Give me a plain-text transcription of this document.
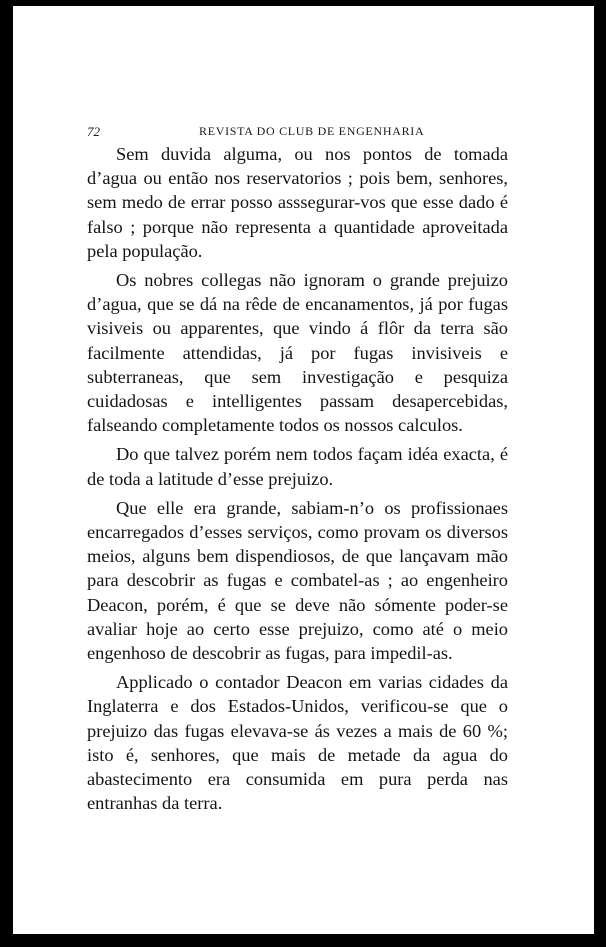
72	REVISTA DO CLUB DE ENGENHARIA

Sem duvida alguma, ou nos pontos de tomada d’agua ou então nos reservatorios ; pois bem, senhores, sem medo de errar posso asssegurar-vos que esse dado é falso ; porque não representa a quantidade aproveitada pela população.

Os nobres collegas não ignoram o grande prejuizo d’agua, que se dá na rêde de encanamentos, já por fugas visiveis ou apparentes, que vindo á flôr da terra são facilmente attendidas, já por fugas invisiveis e subterraneas, que sem investigação e pesquiza cuidadosas e intelligentes passam desapercebidas, falseando completamente todos os nossos calculos.

Do que talvez porém nem todos façam idéa exacta, é de toda a latitude d’esse prejuizo.

Que elle era grande, sabiam-n’o os profissionaes encarregados d’esses serviços, como provam os diversos meios, alguns bem dispendiosos, de que lançavam mão para descobrir as fugas e combatel-as ; ao engenheiro Deacon, porém, é que se deve não sómente poder-se avaliar hoje ao certo esse prejuizo, como até o meio engenhoso de descobrir as fugas, para impedil-as.

Applicado o contador Deacon em varias cidades da Inglaterra e dos Estados-Unidos, verificou-se que o prejuizo das fugas elevava-se ás vezes a mais de 60 %; isto é, senhores, que mais de metade da agua do abastecimento era consumida em pura perda nas entranhas da terra.
